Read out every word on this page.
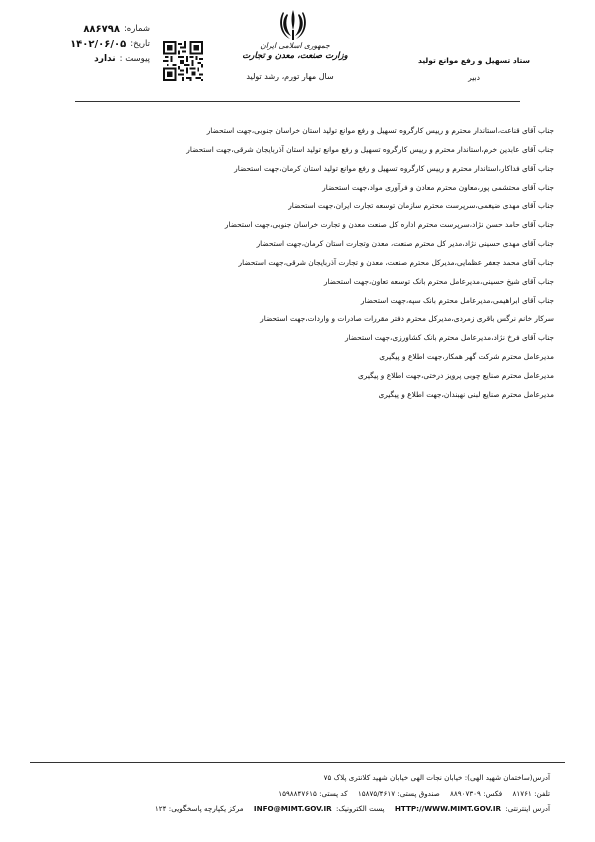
شماره:
۸۸۶۷۹۸
تاریخ:
۱۴۰۲/۰۶/۰۵
پیوست :
ندارد
جمهوری اسلامی ایران
وزارت صنعت، معدن و تجارت
سال مهار تورم، رشد تولید
ستاد تسهیل و رفع موانع تولید
دبیر
جناب آقای قناعت،استاندار محترم و رییس کارگروه تسهیل و رفع موانع تولید استان خراسان جنوبی،جهت استحضار
جناب آقای عابدین خرم،استاندار محترم و رییس کارگروه تسهیل و رفع موانع تولید استان آذربایجان شرقی،جهت استحضار
جناب آقای فداکار،استاندار محترم و رییس کارگروه تسهیل و رفع موانع تولید استان کرمان،جهت استحضار
جناب آقای محتشمی پور،معاون محترم معادن و فرآوری مواد،جهت استحضار
جناب آقای مهدی ضیغمی،سرپرست محترم سازمان توسعه تجارت ایران،جهت استحضار
جناب آقای حامد حسن نژاد،سرپرست محترم اداره کل صنعت معدن و تجارت خراسان جنوبی،جهت استحضار
جناب آقای مهدی حسینی نژاد،مدیر کل محترم صنعت، معدن وتجارت استان کرمان،جهت استحضار
جناب آقای محمد جعفر عظمایی،مدیرکل محترم صنعت، معدن و تجارت آذربایجان شرقی،جهت استحضار
جناب آقای شیخ حسینی،مدیرعامل محترم بانک توسعه تعاون،جهت استحضار
جناب آقای ابراهیمی،مدیرعامل محترم بانک سپه،جهت استحضار
سرکار خانم نرگس باقری زمردی،مدیرکل محترم دفتر مقررات صادرات و واردات،جهت استحضار
جناب آقای فرخ نژاد،مدیرعامل محترم بانک کشاورزی،جهت استحضار
مدیرعامل محترم شرکت گهر همکار،جهت اطلاع و پیگیری
مدیرعامل محترم صنایع چوبی پرویز درختی،جهت اطلاع و پیگیری
مدیرعامل محترم صنایع لبنی نهبندان،جهت اطلاع و پیگیری
آدرس(ساختمان شهید الهی): خیابان نجات الهی خیابان شهید کلانتری پلاک ۷۵
تلفن: ۸۱۷۶۱ فکس: ۸۸۹۰۷۳۰۹ صندوق پستی: ۱۵۸۷۵/۴۶۱۷ کد پستی: ۱۵۹۸۸۴۷۶۱۵
آدرس اینترنتی: HTTP://WWW.MIMT.GOV.IR پست الکترونیک: INFO@MIMT.GOV.IR مرکز یکپارچه پاسخگویی: ۱۲۴
